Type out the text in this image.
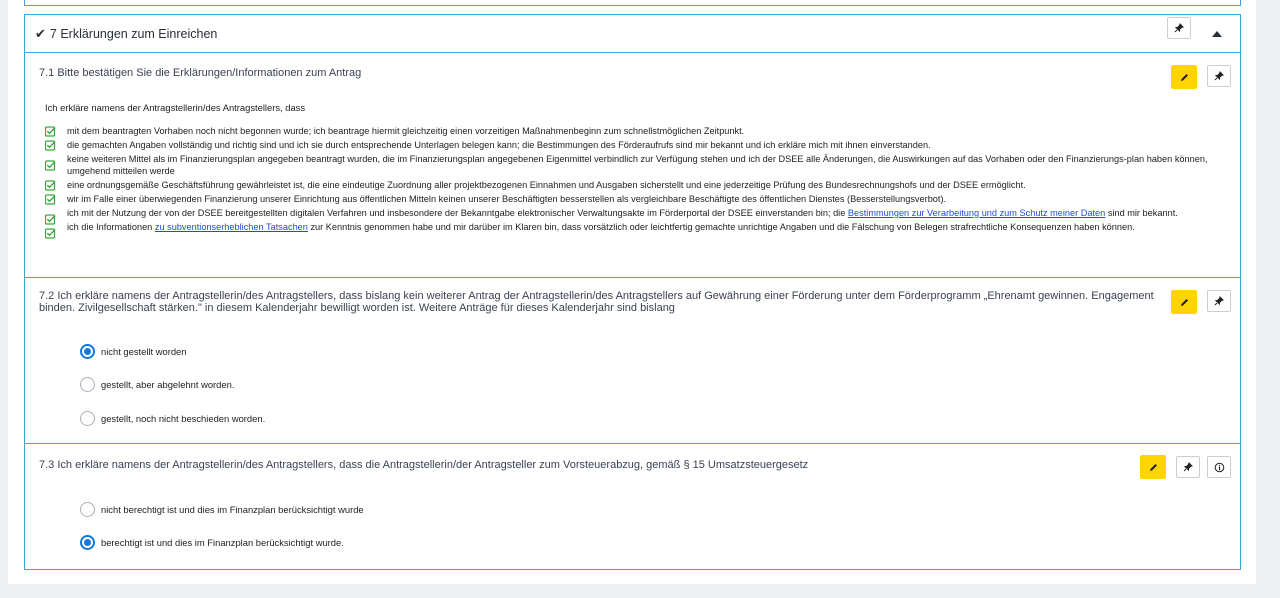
✔ 7 Erklärungen zum Einreichen
7.1 Bitte bestätigen Sie die Erklärungen/Informationen zum Antrag
Ich erkläre namens der Antragstellerin/des Antragstellers, dass
mit dem beantragten Vorhaben noch nicht begonnen wurde; ich beantrage hiermit gleichzeitig einen vorzeitigen Maßnahmenbeginn zum schnellstmöglichen Zeitpunkt.
die gemachten Angaben vollständig und richtig sind und ich sie durch entsprechende Unterlagen belegen kann; die Bestimmungen des Förderaufrufs sind mir bekannt und ich erkläre mich mit ihnen einverstanden.
keine weiteren Mittel als im Finanzierungsplan angegeben beantragt wurden, die im Finanzierungsplan angegebenen Eigenmittel verbindlich zur Verfügung stehen und ich der DSEE alle Änderungen, die Auswirkungen auf das Vorhaben oder den Finanzierungs-plan haben können, umgehend mitteilen werde
eine ordnungsgemäße Geschäftsführung gewährleistet ist, die eine eindeutige Zuordnung aller projektbezogenen Einnahmen und Ausgaben sicherstellt und eine jederzeitige Prüfung des Bundesrechnungshofs und der DSEE ermöglicht.
wir im Falle einer überwiegenden Finanzierung unserer Einrichtung aus öffentlichen Mitteln keinen unserer Beschäftigten besserstellen als vergleichbare Beschäftigte des öffentlichen Dienstes (Besserstellungsverbot).
ich mit der Nutzung der von der DSEE bereitgestellten digitalen Verfahren und insbesondere der Bekanntgabe elektronischer Verwaltungsakte im Förderportal der DSEE einverstanden bin; die Bestimmungen zur Verarbeitung und zum Schutz meiner Daten sind mir bekannt.
ich die Informationen zu subventionserheblichen Tatsachen zur Kenntnis genommen habe und mir darüber im Klaren bin, dass vorsätzlich oder leichtfertig gemachte unrichtige Angaben und die Fälschung von Belegen strafrechtliche Konsequenzen haben können.
7.2 Ich erkläre namens der Antragstellerin/des Antragstellers, dass bislang kein weiterer Antrag der Antragstellerin/des Antragstellers auf Gewährung einer Förderung unter dem Förderprogramm „Ehrenamt gewinnen. Engagement binden. Zivilgesellschaft stärken." in diesem Kalenderjahr bewilligt worden ist. Weitere Anträge für dieses Kalenderjahr sind bislang
nicht gestellt worden
gestellt, aber abgelehnt worden.
gestellt, noch nicht beschieden worden.
7.3 Ich erkläre namens der Antragstellerin/des Antragstellers, dass die Antragstellerin/der Antragsteller zum Vorsteuerabzug, gemäß § 15 Umsatzsteuergesetz
nicht berechtigt ist und dies im Finanzplan berücksichtigt wurde
berechtigt ist und dies im Finanzplan berücksichtigt wurde.
